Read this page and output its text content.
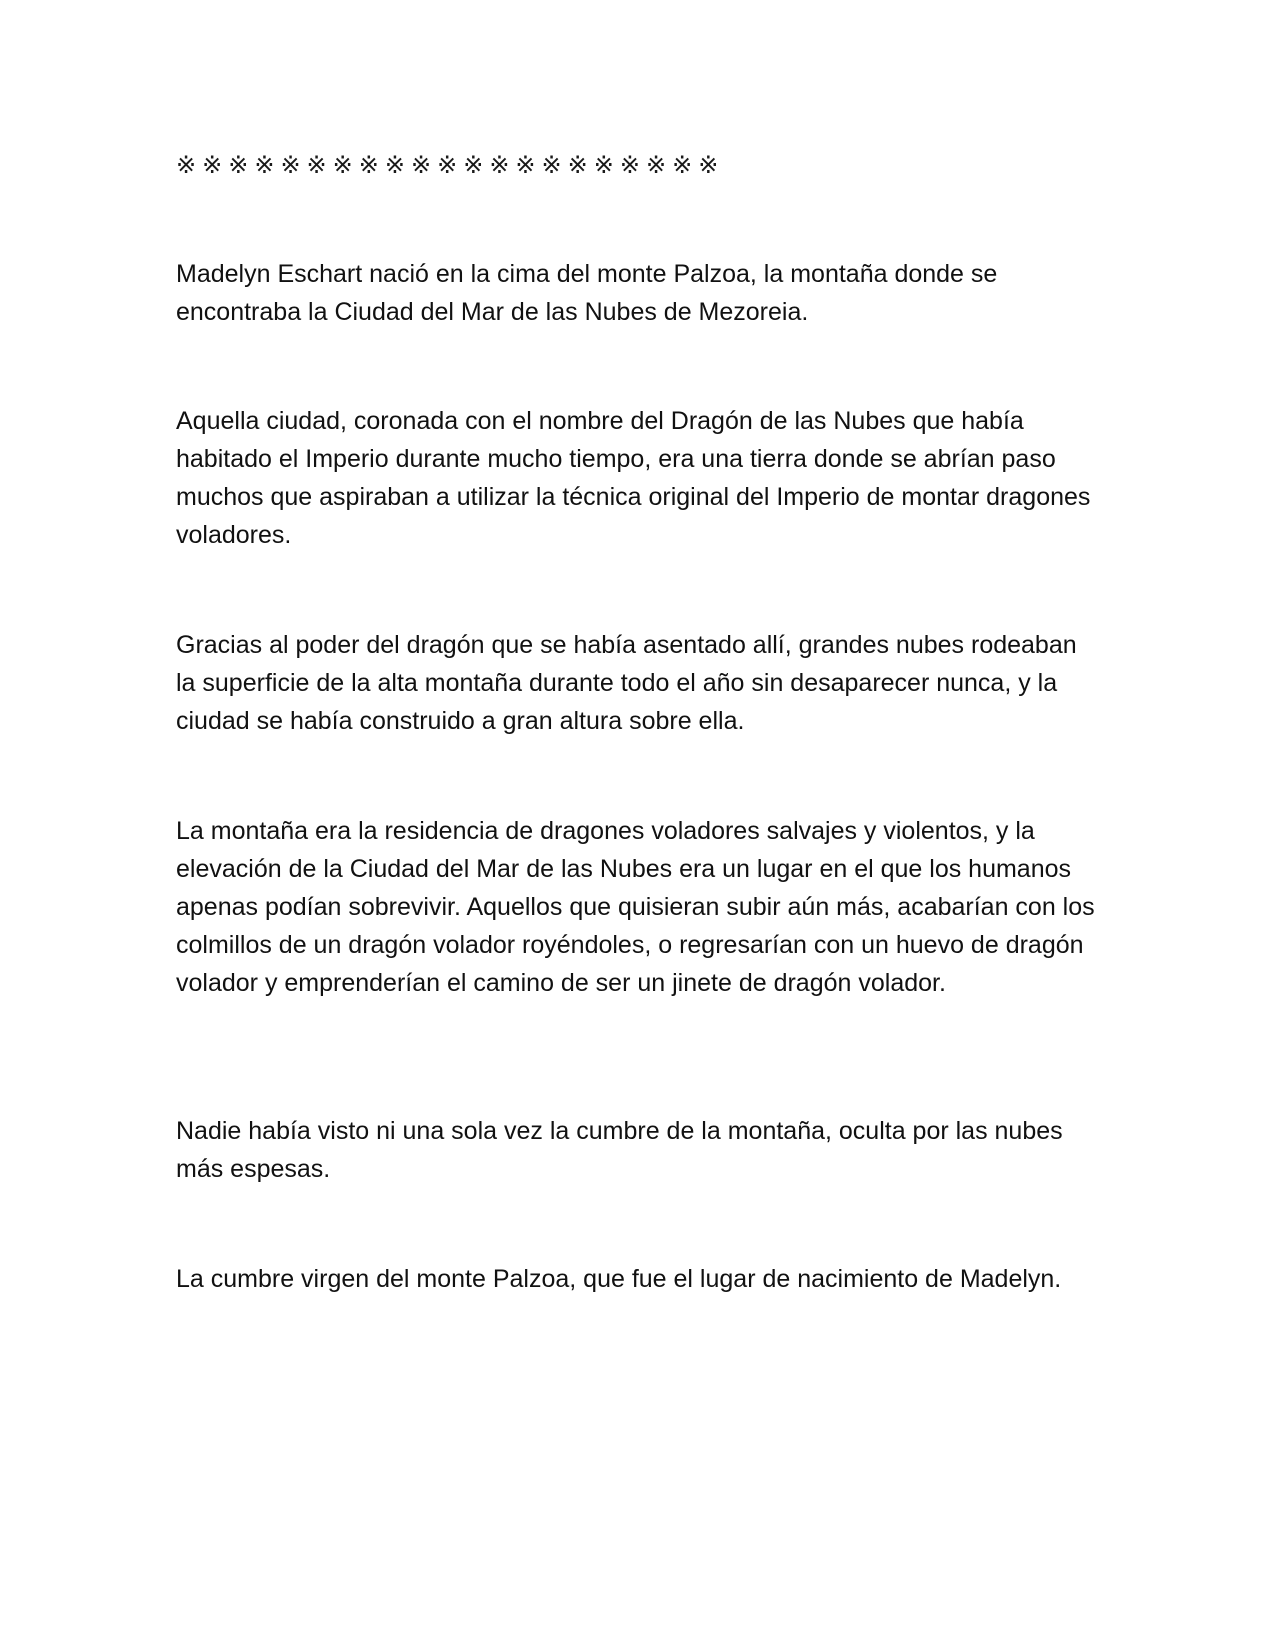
※※※※※※※※※※※※※※※※※※※※※

Madelyn Eschart nació en la cima del monte Palzoa, la montaña donde se encontraba la Ciudad del Mar de las Nubes de Mezoreia.

Aquella ciudad, coronada con el nombre del Dragón de las Nubes que había habitado el Imperio durante mucho tiempo, era una tierra donde se abrían paso muchos que aspiraban a utilizar la técnica original del Imperio de montar dragones voladores.

Gracias al poder del dragón que se había asentado allí, grandes nubes rodeaban la superficie de la alta montaña durante todo el año sin desaparecer nunca, y la ciudad se había construido a gran altura sobre ella.

La montaña era la residencia de dragones voladores salvajes y violentos, y la elevación de la Ciudad del Mar de las Nubes era un lugar en el que los humanos apenas podían sobrevivir. Aquellos que quisieran subir aún más, acabarían con los colmillos de un dragón volador royéndoles, o regresarían con un huevo de dragón volador y emprenderían el camino de ser un jinete de dragón volador.

Nadie había visto ni una sola vez la cumbre de la montaña, oculta por las nubes más espesas.

La cumbre virgen del monte Palzoa, que fue el lugar de nacimiento de Madelyn.
